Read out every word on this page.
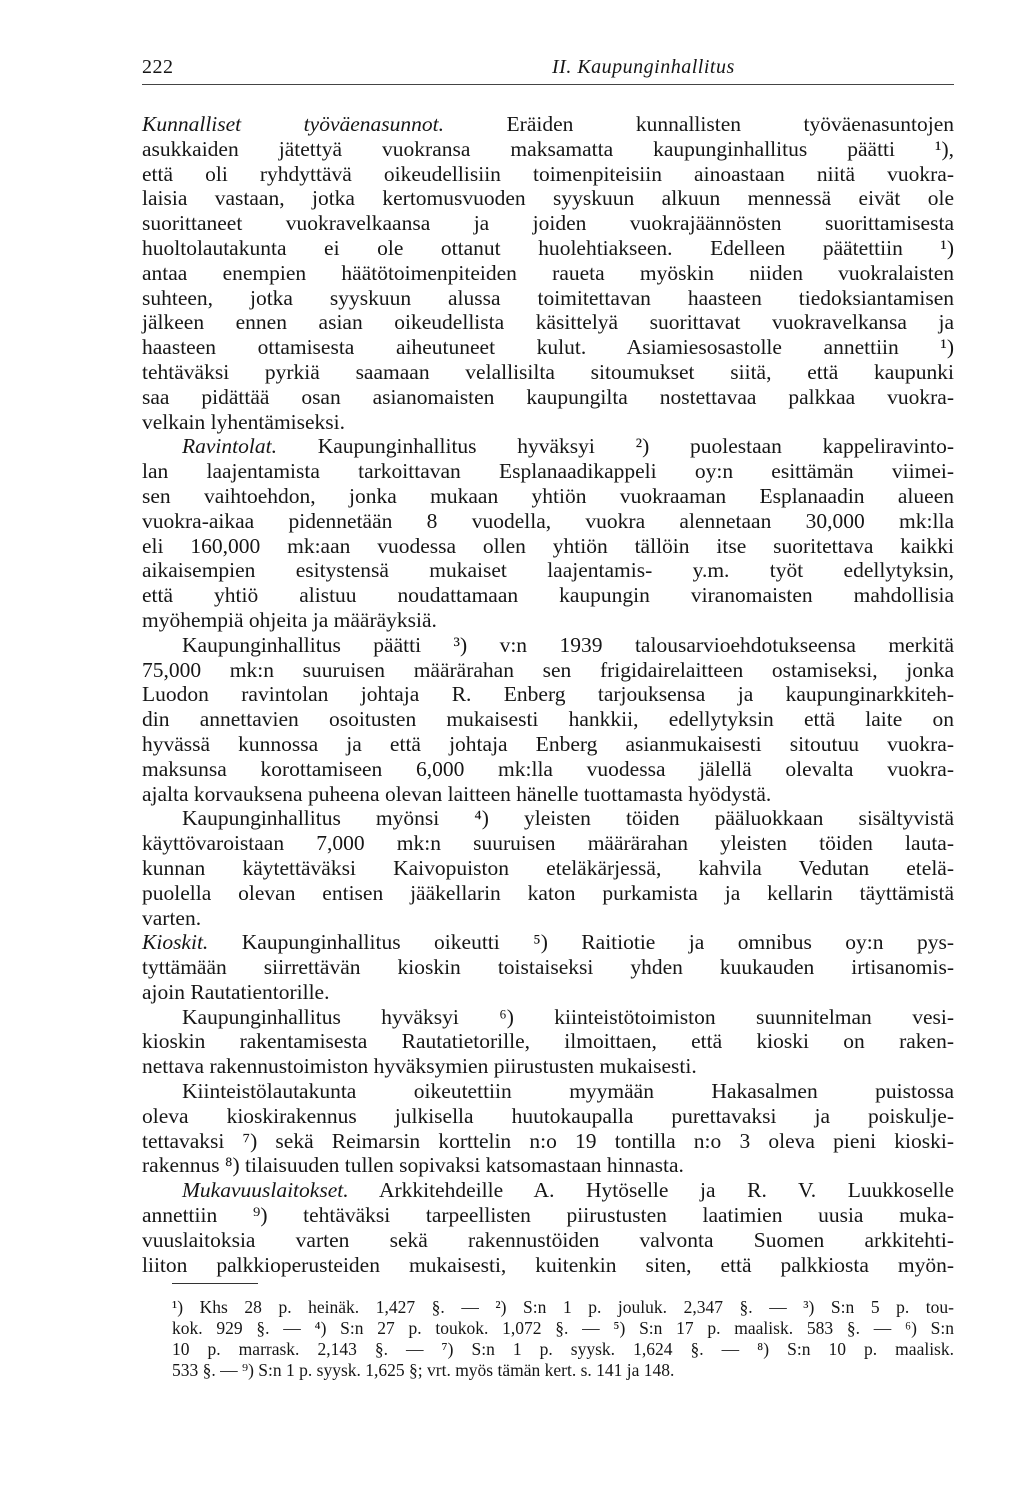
222	II. Kaupunginhallitus
Kunnalliset työväenasunnot. Eräiden kunnallisten työväenasuntojen
asukkaiden jätettyä vuokransa maksamatta kaupunginhallitus päätti ¹),
että oli ryhdyttävä oikeudellisiin toimenpiteisiin ainoastaan niitä vuokra-
laisia vastaan, jotka kertomusvuoden syyskuun alkuun mennessä eivät ole
suorittaneet vuokravelkaansa ja joiden vuokrajäännösten suorittamisesta
huoltolautakunta ei ole ottanut huolehtiakseen. Edelleen päätettiin ¹)
antaa enempien häätötoimenpiteiden raueta myöskin niiden vuokralaisten
suhteen, jotka syyskuun alussa toimitettavan haasteen tiedoksiantamisen
jälkeen ennen asian oikeudellista käsittelyä suorittavat vuokravelkansa ja
haasteen ottamisesta aiheutuneet kulut. Asiamiesosastolle annettiin ¹)
tehtäväksi pyrkiä saamaan velallisilta sitoumukset siitä, että kaupunki
saa pidättää osan asianomaisten kaupungilta nostettavaa palkkaa vuokra-
velkain lyhentämiseksi.
Ravintolat. Kaupunginhallitus hyväksyi ²) puolestaan kappeliravinto-
lan laajentamista tarkoittavan Esplanaadikappeli oy:n esittämän viimei-
sen vaihtoehdon, jonka mukaan yhtiön vuokraaman Esplanaadin alueen
vuokra-aikaa pidennetään 8 vuodella, vuokra alennetaan 30,000 mk:lla
eli 160,000 mk:aan vuodessa ollen yhtiön tällöin itse suoritettava kaikki
aikaisempien esitystensä mukaiset laajentamis- y.m. työt edellytyksin,
että yhtiö alistuu noudattamaan kaupungin viranomaisten mahdollisia
myöhempiä ohjeita ja määräyksiä.
Kaupunginhallitus päätti ³) v:n 1939 talousarvioehdotukseensa merkitä
75,000 mk:n suuruisen määrärahan sen frigidairelaitteen ostamiseksi, jonka
Luodon ravintolan johtaja R. Enberg tarjouksensa ja kaupunginarkkiteh-
din annettavien osoitusten mukaisesti hankkii, edellytyksin että laite on
hyvässä kunnossa ja että johtaja Enberg asianmukaisesti sitoutuu vuokra-
maksunsa korottamiseen 6,000 mk:lla vuodessa jälellä olevalta vuokra-
ajalta korvauksena puheena olevan laitteen hänelle tuottamasta hyödystä.
Kaupunginhallitus myönsi ⁴) yleisten töiden pääluokkaan sisältyvistä
käyttövaroistaan 7,000 mk:n suuruisen määrärahan yleisten töiden lauta-
kunnan käytettäväksi Kaivopuiston eteläkärjessä, kahvila Vedutan etelä-
puolella olevan entisen jääkellarin katon purkamista ja kellarin täyttämistä
varten.
Kioskit. Kaupunginhallitus oikeutti ⁵) Raitiotie ja omnibus oy:n pys-
tyttämään siirrettävän kioskin toistaiseksi yhden kuukauden irtisanomis-
ajoin Rautatientorille.
Kaupunginhallitus hyväksyi ⁶) kiinteistötoimiston suunnitelman vesi-
kioskin rakentamisesta Rautatietorille, ilmoittaen, että kioski on raken-
nettava rakennustoimiston hyväksymien piirustusten mukaisesti.
Kiinteistölautakunta oikeutettiin myymään Hakasalmen puistossa
oleva kioskirakennus julkisella huutokaupalla purettavaksi ja poiskulje-
tettavaksi ⁷) sekä Reimarsin korttelin n:o 19 tontilla n:o 3 oleva pieni kioski-
rakennus ⁸) tilaisuuden tullen sopivaksi katsomastaan hinnasta.
Mukavuuslaitokset. Arkkitehdeille A. Hytöselle ja R. V. Luukkoselle
annettiin ⁹) tehtäväksi tarpeellisten piirustusten laatimien uusia muka-
vuuslaitoksia varten sekä rakennustöiden valvonta Suomen arkkitehti-
liiton palkkioperusteiden mukaisesti, kuitenkin siten, että palkkiosta myön-
¹) Khs 28 p. heinäk. 1,427 §. — ²) S:n 1 p. jouluk. 2,347 §. — ³) S:n 5 p. tou-
kok. 929 §. — ⁴) S:n 27 p. toukok. 1,072 §. — ⁵) S:n 17 p. maalisk. 583 §. — ⁶) S:n
10 p. marrask. 2,143 §. — ⁷) S:n 1 p. syysk. 1,624 §. — ⁸) S:n 10 p. maalisk.
533 §. — ⁹) S:n 1 p. syysk. 1,625 §; vrt. myös tämän kert. s. 141 ja 148.
